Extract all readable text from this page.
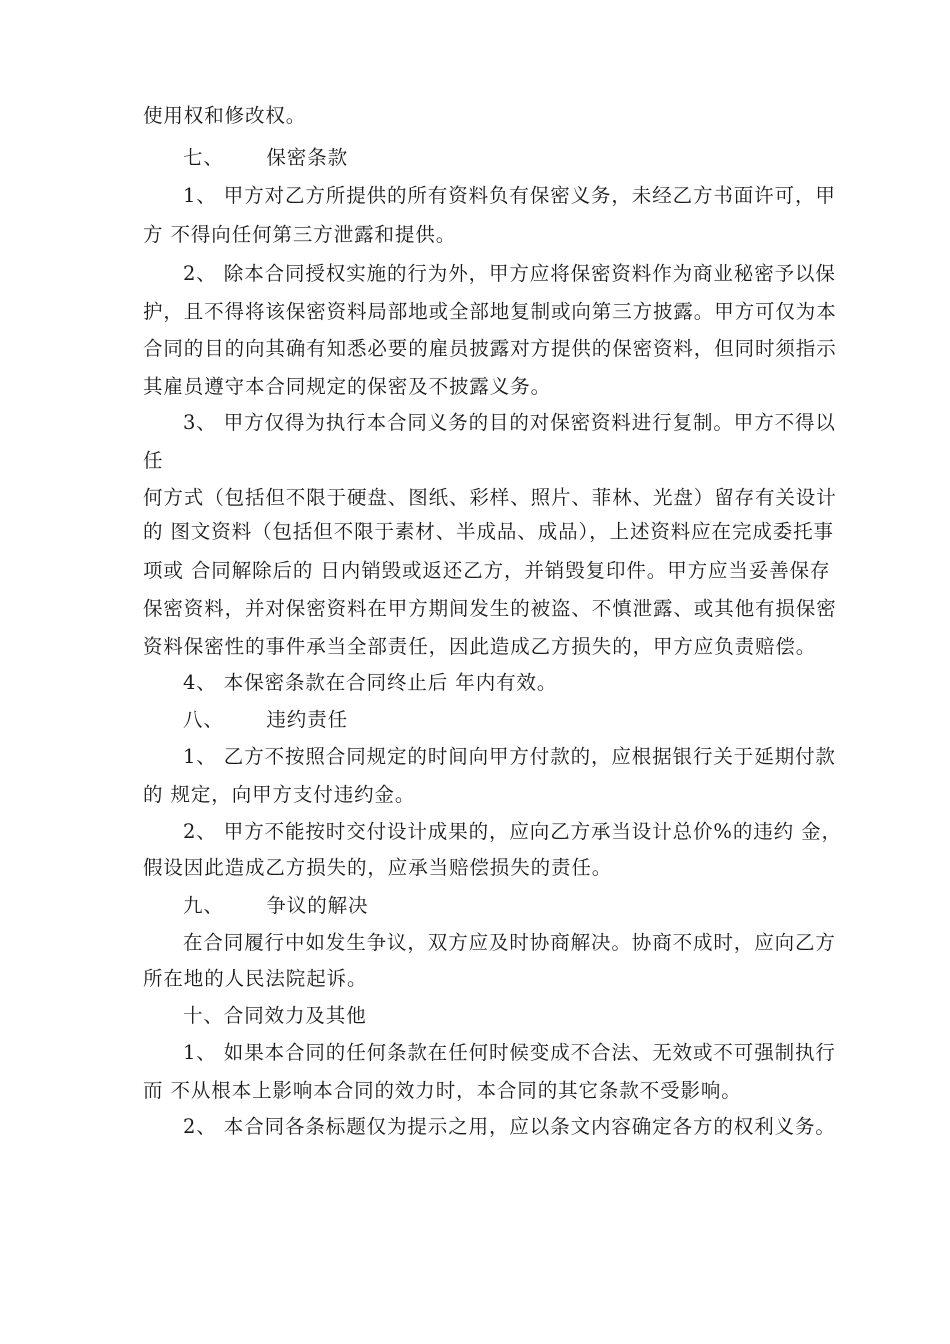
使用权和修改权。

七、      保密条款

1、 甲方对乙方所提供的所有资料负有保密义务，未经乙方书面许可，甲

方 不得向任何第三方泄露和提供。

2、 除本合同授权实施的行为外，甲方应将保密资料作为商业秘密予以保

护，且不得将该保密资料局部地或全部地复制或向第三方披露。甲方可仅为本

合同的目的向其确有知悉必要的雇员披露对方提供的保密资料，但同时须指示

其雇员遵守本合同规定的保密及不披露义务。

3、 甲方仅得为执行本合同义务的目的对保密资料进行复制。甲方不得以

任

何方式（包括但不限于硬盘、图纸、彩样、照片、菲林、光盘）留存有关设计

的 图文资料（包括但不限于素材、半成品、成品），上述资料应在完成委托事

项或 合同解除后的 日内销毁或返还乙方，并销毁复印件。甲方应当妥善保存

保密资料，并对保密资料在甲方期间发生的被盗、不慎泄露、或其他有损保密

资料保密性的事件承当全部责任，因此造成乙方损失的，甲方应负责赔偿。

4、 本保密条款在合同终止后 年内有效。

八、      违约责任

1、 乙方不按照合同规定的时间向甲方付款的，应根据银行关于延期付款

的 规定，向甲方支付违约金。

2、 甲方不能按时交付设计成果的，应向乙方承当设计总价%的违约 金，

假设因此造成乙方损失的，应承当赔偿损失的责任。

九、      争议的解决

在合同履行中如发生争议，双方应及时协商解决。协商不成时，应向乙方

所在地的人民法院起诉。

十、合同效力及其他

1、 如果本合同的任何条款在任何时候变成不合法、无效或不可强制执行

而 不从根本上影响本合同的效力时，本合同的其它条款不受影响。

2、 本合同各条标题仅为提示之用，应以条文内容确定各方的权利义务。
